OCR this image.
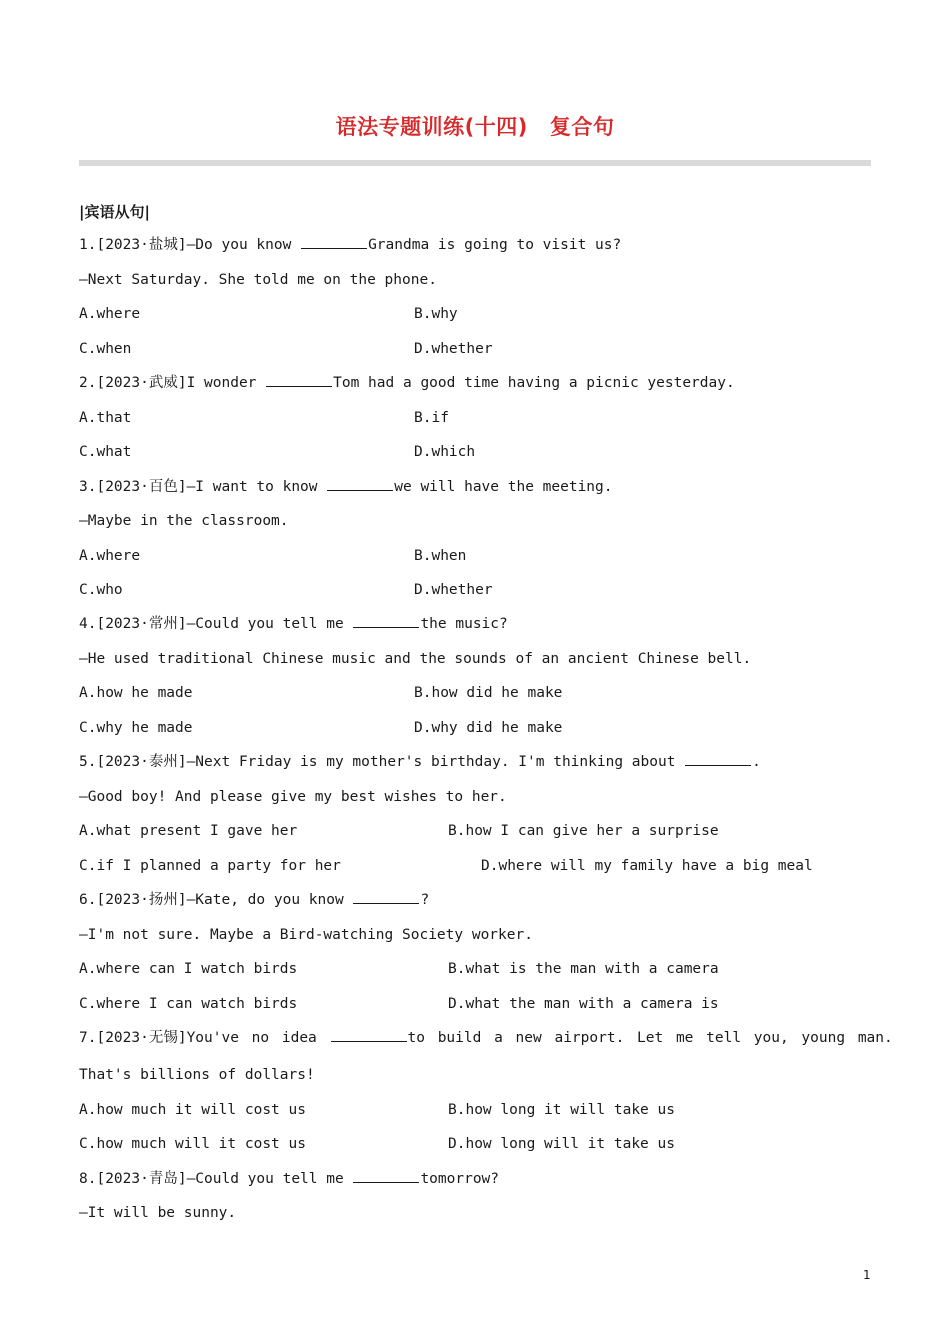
语法专题训练(十四) 复合句
|宾语从句|
1.[2023·盐城]—Do you know	Grandma is going to visit us?
—Next Saturday. She told me on the phone.
A.where	B.why
C.when	D.whether
2.[2023·武威]I wonder	Tom had a good time having a picnic yesterday.
A.that	B.if
C.what	D.which
3.[2023·百色]—I want to know	we will have the meeting.
—Maybe in the classroom.
A.where	B.when
C.who	D.whether
4.[2023·常州]—Could you tell me	the music?
—He used traditional Chinese music and the sounds of an ancient Chinese bell.
A.how he made	B.how did he make
C.why he made	D.why did he make
5.[2023·泰州]—Next Friday is my mother's birthday. I'm thinking about	.
—Good boy! And please give my best wishes to her.
A.what present I gave her	B.how I can give her a surprise
C.if I planned a party for her	D.where will my family have a big meal
6.[2023·扬州]—Kate, do you know	?
—I'm not sure. Maybe a Bird-watching Society worker.
A.where can I watch birds	B.what is the man with a camera
C.where I can watch birds	D.what the man with a camera is
7.[2023·无锡]You've no idea	to build a new airport. Let me tell you, young man.
That's billions of dollars!
A.how much it will cost us	B.how long it will take us
C.how much will it cost us	D.how long will it take us
8.[2023·青岛]—Could you tell me	tomorrow?
—It will be sunny.
1
